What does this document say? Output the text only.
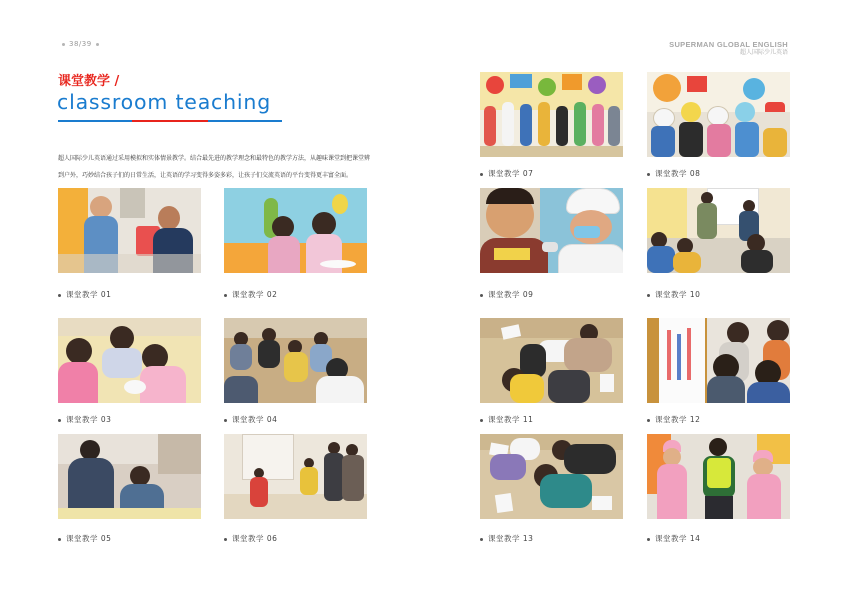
38/39	SUPERMAN GLOBAL ENGLISH
超人国际少儿英语
课堂教学 /
classroom teaching

超人国际少儿英语通过采用模拟和实体情景教学。结合最先进的教学理念和最特色的教学方法，从趣味课堂到把课堂辨到户外，巧妙结合孩子们的日常生活，让英语的学习变得多姿多彩，让孩子们交流英语的平台变得更丰富全面。

课堂教学 01	课堂教学 02
课堂教学 03	课堂教学 04
课堂教学 05	课堂教学 06
课堂教学 07	课堂教学 08
课堂教学 09	课堂教学 10
课堂教学 11	课堂教学 12
课堂教学 13	课堂教学 14
